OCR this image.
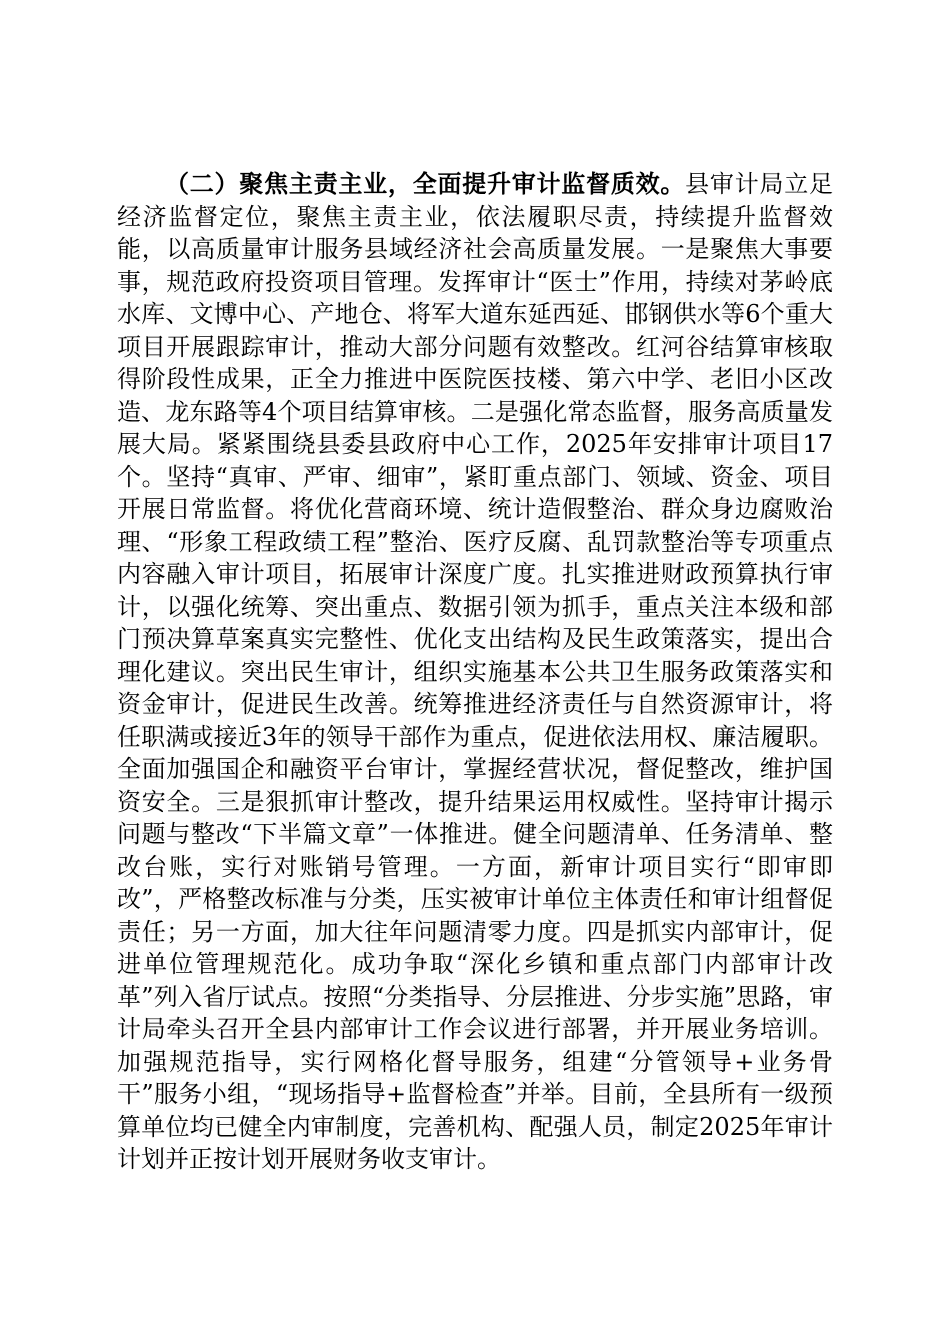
（二）聚焦主责主业，全面提升审计监督质效。县审计局立足经济监督定位，聚焦主责主业，依法履职尽责，持续提升监督效能，以高质量审计服务县域经济社会高质量发展。一是聚焦大事要事，规范政府投资项目管理。发挥审计“医士”作用，持续对茅岭底水库、文博中心、产地仓、将军大道东延西延、邯钢供水等6个重大项目开展跟踪审计，推动大部分问题有效整改。红河谷结算审核取得阶段性成果，正全力推进中医院医技楼、第六中学、老旧小区改造、龙东路等4个项目结算审核。二是强化常态监督，服务高质量发展大局。紧紧围绕县委县政府中心工作，2025年安排审计项目17个。坚持“真审、严审、细审”，紧盯重点部门、领域、资金、项目开展日常监督。将优化营商环境、统计造假整治、群众身边腐败治理、“形象工程政绩工程”整治、医疗反腐、乱罚款整治等专项重点内容融入审计项目，拓展审计深度广度。扎实推进财政预算执行审计，以强化统筹、突出重点、数据引领为抓手，重点关注本级和部门预决算草案真实完整性、优化支出结构及民生政策落实，提出合理化建议。突出民生审计，组织实施基本公共卫生服务政策落实和资金审计，促进民生改善。统筹推进经济责任与自然资源审计，将任职满或接近3年的领导干部作为重点，促进依法用权、廉洁履职。全面加强国企和融资平台审计，掌握经营状况，督促整改，维护国资安全。三是狠抓审计整改，提升结果运用权威性。坚持审计揭示问题与整改“下半篇文章”一体推进。健全问题清单、任务清单、整改台账，实行对账销号管理。一方面，新审计项目实行“即审即改”，严格整改标准与分类，压实被审计单位主体责任和审计组督促责任；另一方面，加大往年问题清零力度。四是抓实内部审计，促进单位管理规范化。成功争取“深化乡镇和重点部门内部审计改革”列入省厅试点。按照“分类指导、分层推进、分步实施”思路，审计局牵头召开全县内部审计工作会议进行部署，并开展业务培训。加强规范指导，实行网格化督导服务，组建“分管领导+业务骨干”服务小组，“现场指导+监督检查”并举。目前，全县所有一级预算单位均已健全内审制度，完善机构、配强人员，制定2025年审计计划并正按计划开展财务收支审计。
